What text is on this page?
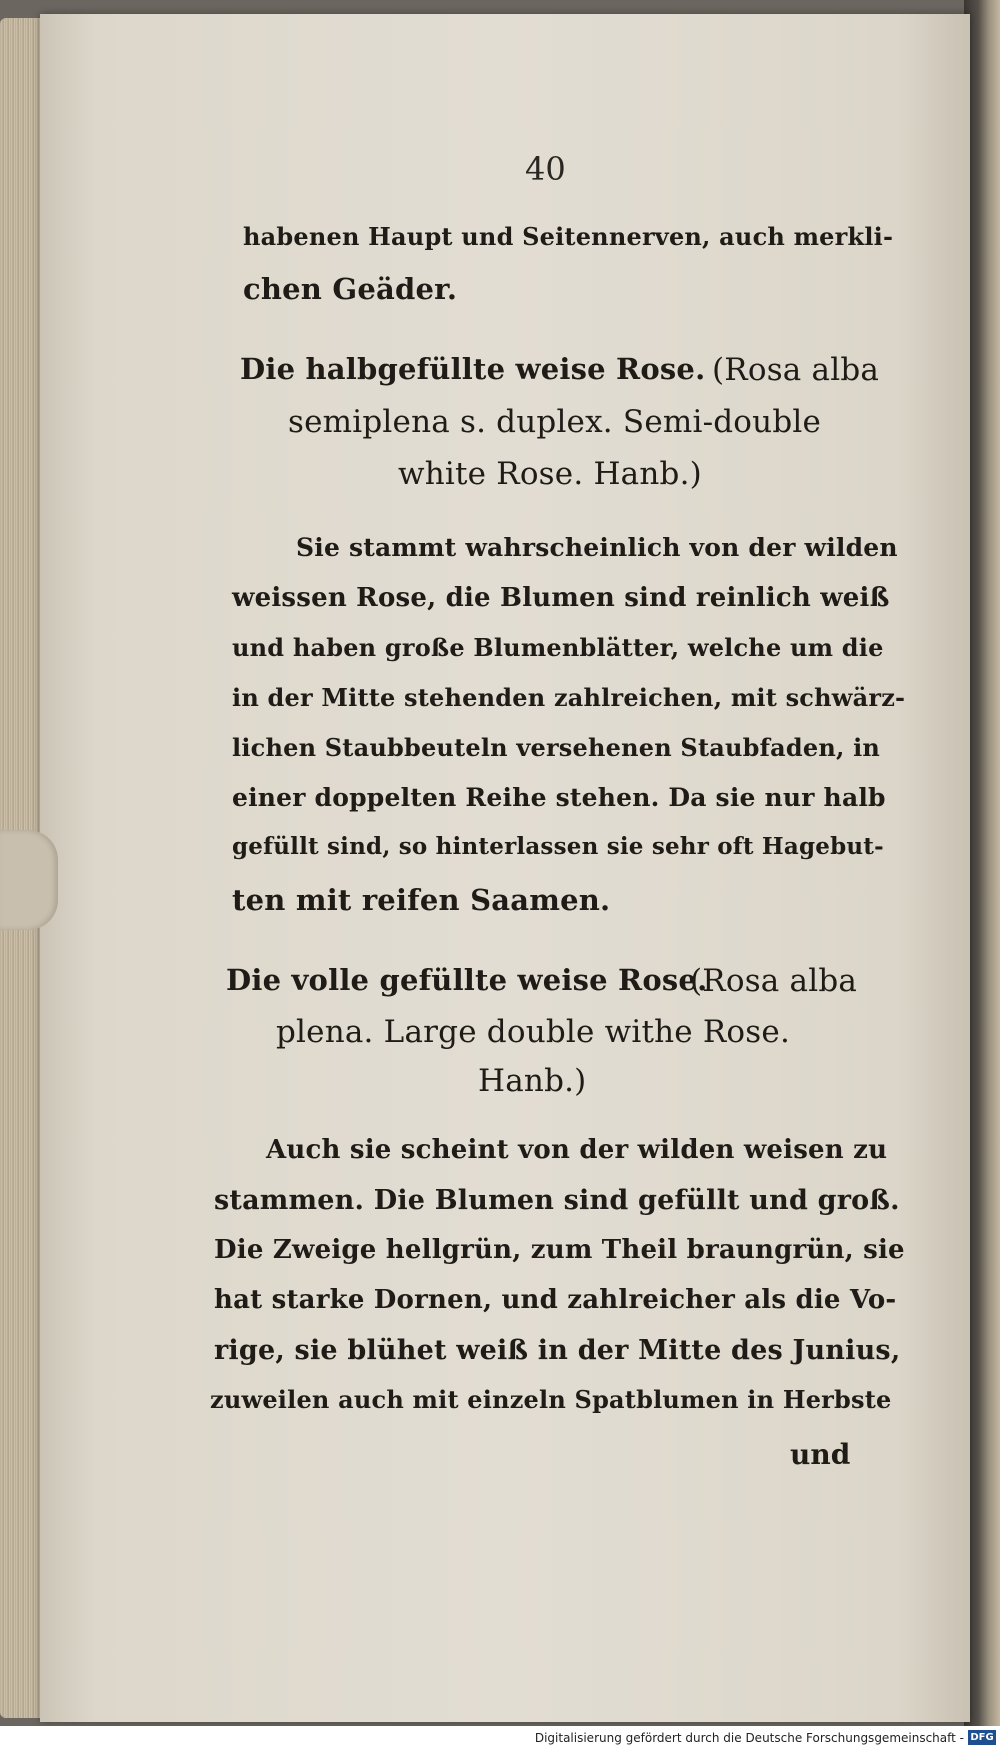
40
habenen Haupt und Seitennerven, auch merkli-
chen Geäder.
Die halbgefüllte weise Rose. (Rosa alba
semiplena s. duplex. Semi-double
white Rose. Hanb.)
Sie stammt wahrscheinlich von der wilden
weissen Rose, die Blumen sind reinlich weiß
und haben große Blumenblätter, welche um die
in der Mitte stehenden zahlreichen, mit schwärz-
lichen Staubbeuteln versehenen Staubfaden, in
einer doppelten Reihe stehen. Da sie nur halb
gefüllt sind, so hinterlassen sie sehr oft Hagebut-
ten mit reifen Saamen.
Die volle gefüllte weise Rose.
(Rosa alba
plena. Large double withe Rose.
Hanb.)
Auch sie scheint von der wilden weisen zu
stammen. Die Blumen sind gefüllt und groß.
Die Zweige hellgrün, zum Theil braungrün, sie
hat starke Dornen, und zahlreicher als die Vo-
rige, sie blühet weiß in der Mitte des Junius,
zuweilen auch mit einzeln Spatblumen in Herbste
und
Digitalisierung gefördert durch die Deutsche Forschungsgemeinschaft - DFG
